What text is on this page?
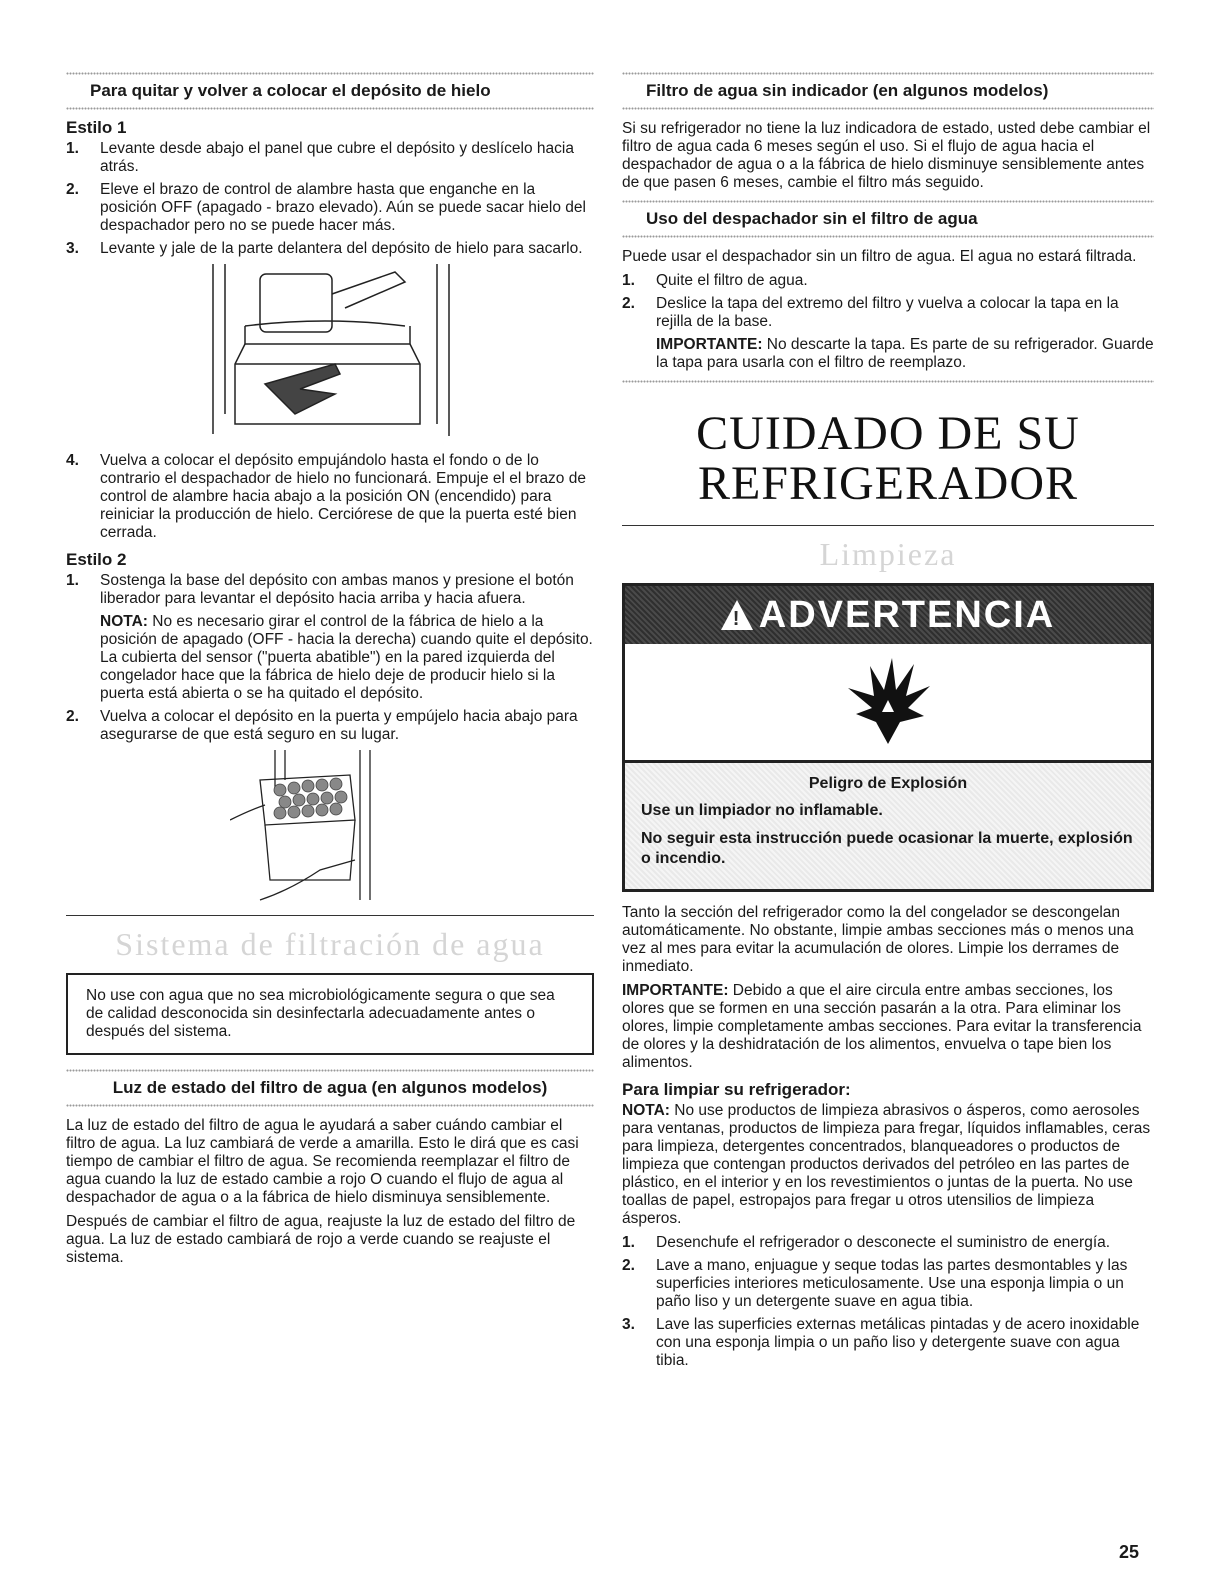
Para quitar y volver a colocar el depósito de hielo
Estilo 1
1. Levante desde abajo el panel que cubre el depósito y deslícelo hacia atrás.
2. Eleve el brazo de control de alambre hasta que enganche en la posición OFF (apagado - brazo elevado). Aún se puede sacar hielo del despachador pero no se puede hacer más.
3. Levante y jale de la parte delantera del depósito de hielo para sacarlo.
4. Vuelva a colocar el depósito empujándolo hasta el fondo o de lo contrario el despachador de hielo no funcionará. Empuje el el brazo de control de alambre hacia abajo a la posición ON (encendido) para reiniciar la producción de hielo. Cerciórese de que la puerta esté bien cerrada.
Estilo 2
1. Sostenga la base del depósito con ambas manos y presione el botón liberador para levantar el depósito hacia arriba y hacia afuera.
NOTA: No es necesario girar el control de la fábrica de hielo a la posición de apagado (OFF - hacia la derecha) cuando quite el depósito. La cubierta del sensor ("puerta abatible") en la pared izquierda del congelador hace que la fábrica de hielo deje de producir hielo si la puerta está abierta o se ha quitado el depósito.
2. Vuelva a colocar el depósito en la puerta y empújelo hacia abajo para asegurarse de que está seguro en su lugar.
Sistema de filtración de agua

No use con agua que no sea microbiológicamente segura o que sea de calidad desconocida sin desinfectarla adecuadamente antes o después del sistema.

Luz de estado del filtro de agua (en algunos modelos)

La luz de estado del filtro de agua le ayudará a saber cuándo cambiar el filtro de agua. La luz cambiará de verde a amarilla. Esto le dirá que es casi tiempo de cambiar el filtro de agua. Se recomienda reemplazar el filtro de agua cuando la luz de estado cambie a rojo O cuando el flujo de agua al despachador de agua o a la fábrica de hielo disminuya sensiblemente.

Después de cambiar el filtro de agua, reajuste la luz de estado del filtro de agua. La luz de estado cambiará de rojo a verde cuando se reajuste el sistema.

Filtro de agua sin indicador (en algunos modelos)

Si su refrigerador no tiene la luz indicadora de estado, usted debe cambiar el filtro de agua cada 6 meses según el uso. Si el flujo de agua hacia el despachador de agua o a la fábrica de hielo disminuye sensiblemente antes de que pasen 6 meses, cambie el filtro más seguido.

Uso del despachador sin el filtro de agua

Puede usar el despachador sin un filtro de agua. El agua no estará filtrada.

1. Quite el filtro de agua.
2. Deslice la tapa del extremo del filtro y vuelva a colocar la tapa en la rejilla de la base.
IMPORTANTE: No descarte la tapa. Es parte de su refrigerador. Guarde la tapa para usarla con el filtro de reemplazo.
CUIDADO DE SU
REFRIGERADOR
Limpieza
!
ADVERTENCIA
Peligro de Explosión

Use un limpiador no inflamable.

No seguir esta instrucción puede ocasionar la muerte, explosión o incendio.

Tanto la sección del refrigerador como la del congelador se descongelan automáticamente. No obstante, limpie ambas secciones más o menos una vez al mes para evitar la acumulación de olores. Limpie los derrames de inmediato.

IMPORTANTE: Debido a que el aire circula entre ambas secciones, los olores que se formen en una sección pasarán a la otra. Para eliminar los olores, limpie completamente ambas secciones. Para evitar la transferencia de olores y la deshidratación de los alimentos, envuelva o tape bien los alimentos.

Para limpiar su refrigerador:

NOTA: No use productos de limpieza abrasivos o ásperos, como aerosoles para ventanas, productos de limpieza para fregar, líquidos inflamables, ceras para limpieza, detergentes concentrados, blanqueadores o productos de limpieza que contengan productos derivados del petróleo en las partes de plástico, en el interior y en los revestimientos o juntas de la puerta. No use toallas de papel, estropajos para fregar u otros utensilios de limpieza ásperos.

1. Desenchufe el refrigerador o desconecte el suministro de energía.
2. Lave a mano, enjuague y seque todas las partes desmontables y las superficies interiores meticulosamente. Use una esponja limpia o un paño liso y un detergente suave en agua tibia.
3. Lave las superficies externas metálicas pintadas y de acero inoxidable con una esponja limpia o un paño liso y detergente suave con agua tibia.
25
